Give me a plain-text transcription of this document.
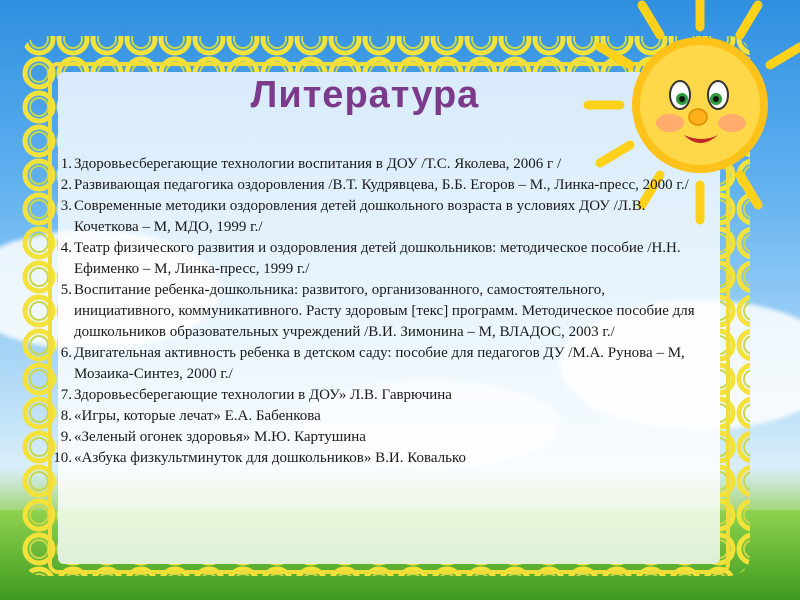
Литература
1. Здоровьесберегающие технологии воспитания в ДОУ /Т.С. Яколева, 2006 г /
2. Развивающая педагогика оздоровления /В.Т. Кудрявцева, Б.Б. Егоров – М., Линка-пресс, 2000 г./
3. Современные методики оздоровления детей дошкольного возраста в условиях ДОУ /Л.В. Кочеткова – М, МДО, 1999 г./
4. Театр физического развития и оздоровления детей дошкольников: методическое пособие /Н.Н. Ефименко – М, Линка-пресс, 1999 г./
5. Воспитание ребенка-дошкольника: развитого, организованного, самостоятельного, инициативного, коммуникативного. Расту здоровым [текс] программ. Методическое пособие для дошкольников образовательных учреждений /В.И. Зимонина – М, ВЛАДОС, 2003 г./
6. Двигательная активность ребенка в детском саду: пособие для педагогов ДУ /М.А. Рунова – М, Мозаика-Синтез, 2000 г./
7. Здоровьесберегающие технологии в ДОУ» Л.В. Гаврючина
8. «Игры, которые лечат» Е.А. Бабенкова
9. «Зеленый огонек здоровья» М.Ю. Картушина
10. «Азбука физкультминуток для дошкольников» В.И. Ковалько
